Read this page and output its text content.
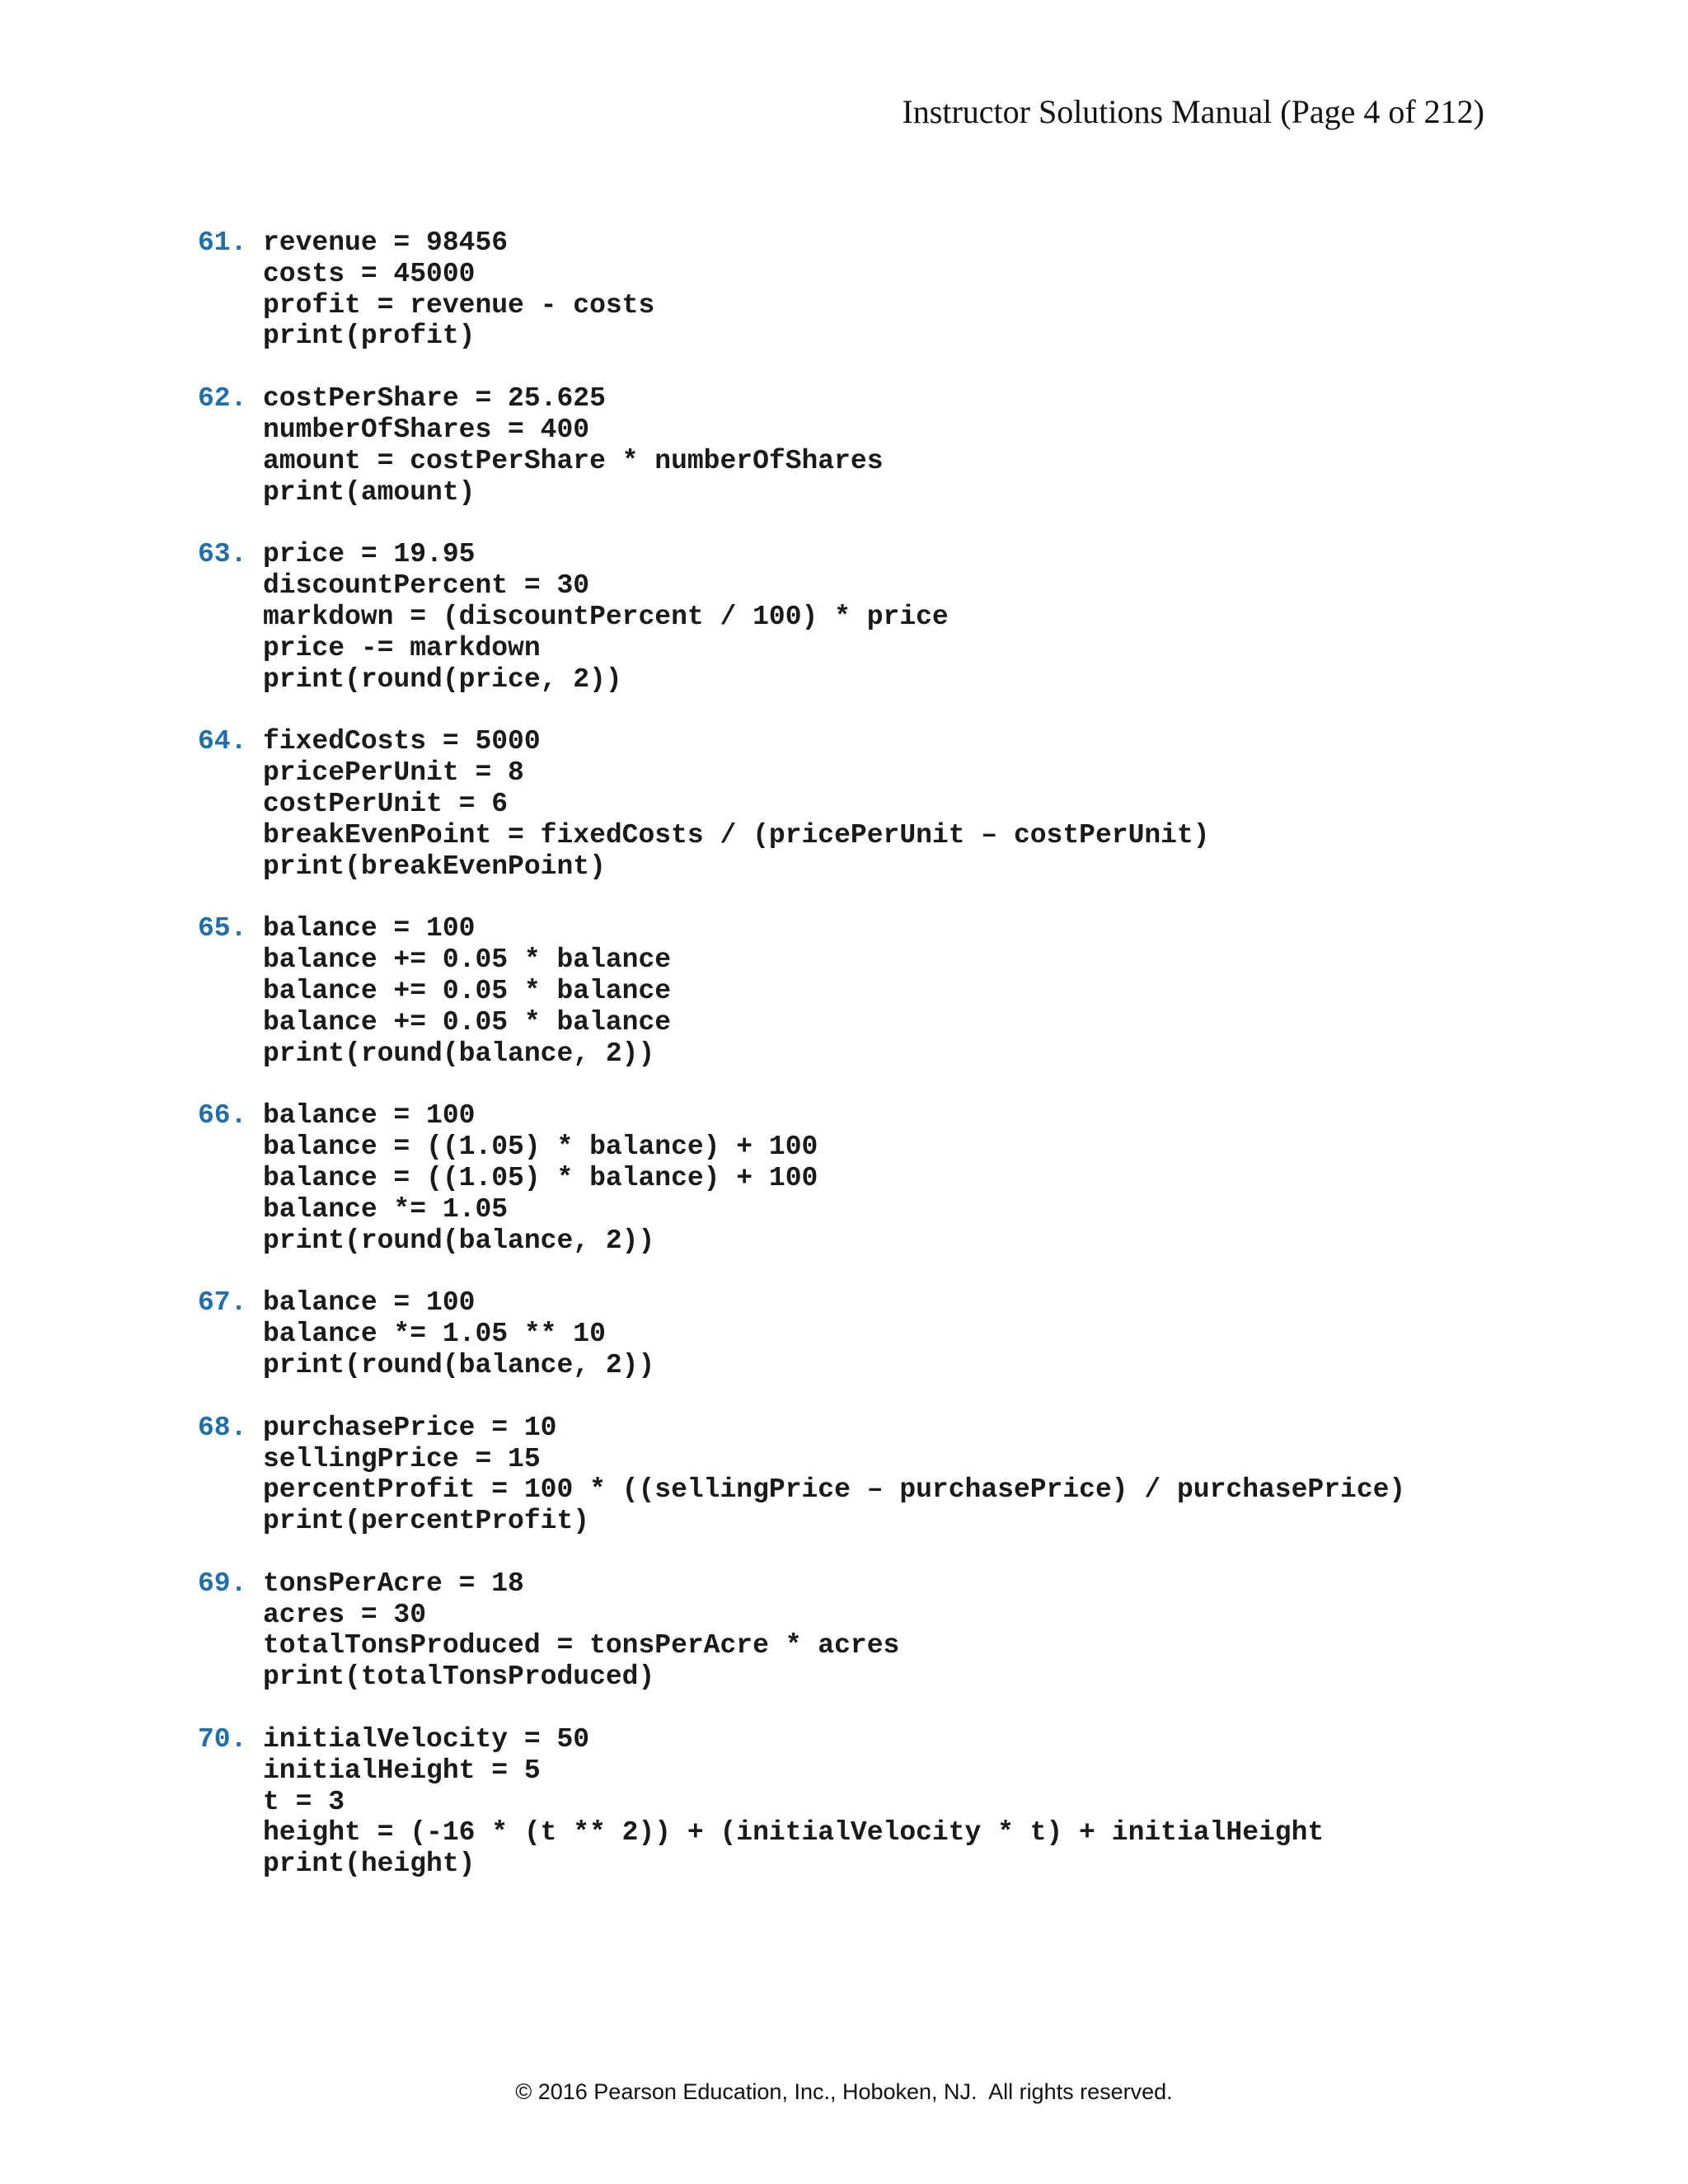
Instructor Solutions Manual (Page 4 of 212)
61. revenue = 98456
costs = 45000
profit = revenue - costs
print(profit)
62. costPerShare = 25.625
numberOfShares = 400
amount = costPerShare * numberOfShares
print(amount)
63. price = 19.95
discountPercent = 30
markdown = (discountPercent / 100) * price
price -= markdown
print(round(price, 2))
64. fixedCosts = 5000
pricePerUnit = 8
costPerUnit = 6
breakEvenPoint = fixedCosts / (pricePerUnit – costPerUnit)
print(breakEvenPoint)
65. balance = 100
balance += 0.05 * balance
balance += 0.05 * balance
balance += 0.05 * balance
print(round(balance, 2))
66. balance = 100
balance = ((1.05) * balance) + 100
balance = ((1.05) * balance) + 100
balance *= 1.05
print(round(balance, 2))
67. balance = 100
balance *= 1.05 ** 10
print(round(balance, 2))
68. purchasePrice = 10
sellingPrice = 15
percentProfit = 100 * ((sellingPrice – purchasePrice) / purchasePrice)
print(percentProfit)
69. tonsPerAcre = 18
acres = 30
totalTonsProduced = tonsPerAcre * acres
print(totalTonsProduced)
70. initialVelocity = 50
initialHeight = 5
t = 3
height = (-16 * (t ** 2)) + (initialVelocity * t) + initialHeight
print(height)
© 2016 Pearson Education, Inc., Hoboken, NJ.  All rights reserved.
